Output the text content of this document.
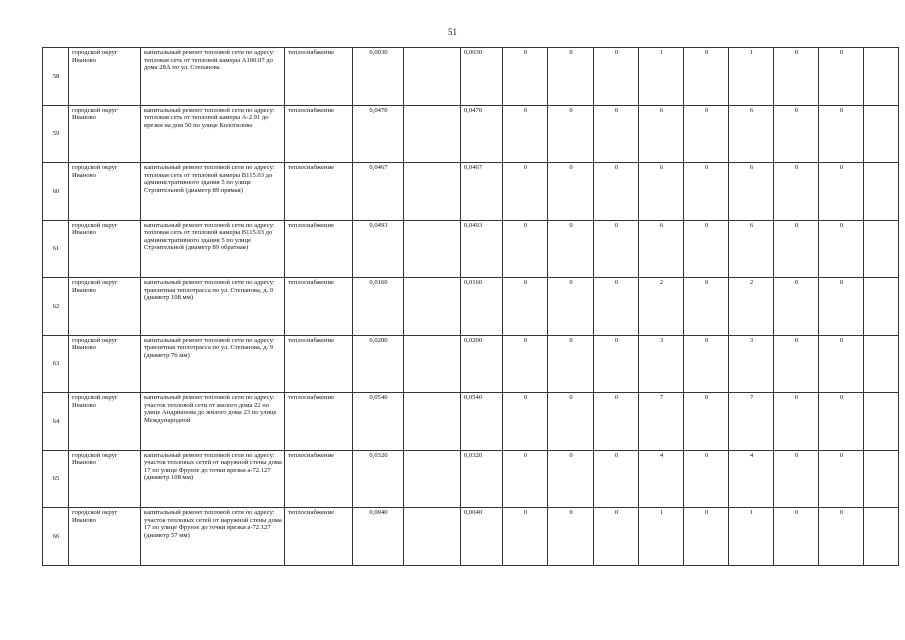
51
58	городской округ Иваново	капитальный ремонт тепловой сети по адресу: тепловая сеть от тепловой камеры А100.07 до дома 28А по ул. Степанова	теплоснабжение	0,0030		0,0030	0	0	0	1	0	1	0	0	
59	городской округ Иваново	капитальный ремонт тепловой сети по адресу: тепловая сеть от тепловой камеры А-2.91 до врезки на дом 50 по улице Колотилова	теплоснабжение	0,0470		0,0470	0	0	0	6	0	6	0	0	
60	городской округ Иваново	капитальный ремонт тепловой сети по адресу: тепловая сеть от тепловой камеры В115.03 до административного здания 5 по улице Строительной (диаметр 89 прямая)	теплоснабжение	0,0467		0,0467	0	0	0	6	0	6	0	0	
61	городской округ Иваново	капитальный ремонт тепловой сети по адресу: тепловая сеть от тепловой камеры В115.03 до административного здания 5 по улице Строительной (диаметр 89 обратная)	теплоснабжение	0,0493		0,0493	0	0	0	6	0	6	0	0	
62	городской округ Иваново	капитальный ремонт тепловой сети по адресу: транзитная теплотрасса по ул. Степанова, д. 9 (диаметр 108 мм)	теплоснабжение	0,0160		0,0160	0	0	0	2	0	2	0	0	
63	городской округ Иваново	капитальный ремонт тепловой сети по адресу: транзитная теплотрасса по ул. Степанова, д. 9 (диаметр 76 мм)	теплоснабжение	0,0200		0,0200	0	0	0	3	0	3	0	0	
64	городской округ Иваново	капитальный ремонт тепловой сети по адресу: участок тепловой сети от жилого дома 22 по улице Андрианова до жилого дома 23 по улице Международной	теплоснабжение	0,0540		0,0540	0	0	0	7	0	7	0	0	
65	городской округ Иваново	капитальный ремонт тепловой сети по адресу: участок тепловых сетей от наружной стены дома 17 по улице Фрунзе до точки врезки а-72.127 (диаметр 108 мм)	теплоснабжение	0,0320		0,0320	0	0	0	4	0	4	0	0	
66	городской округ Иваново	капитальный ремонт тепловой сети по адресу: участок тепловых сетей от наружной стены дома 17 по улице Фрунзе до точки врезки а-72.127 (диаметр 57 мм)	теплоснабжение	0,0040		0,0040	0	0	0	1	0	1	0	0	
